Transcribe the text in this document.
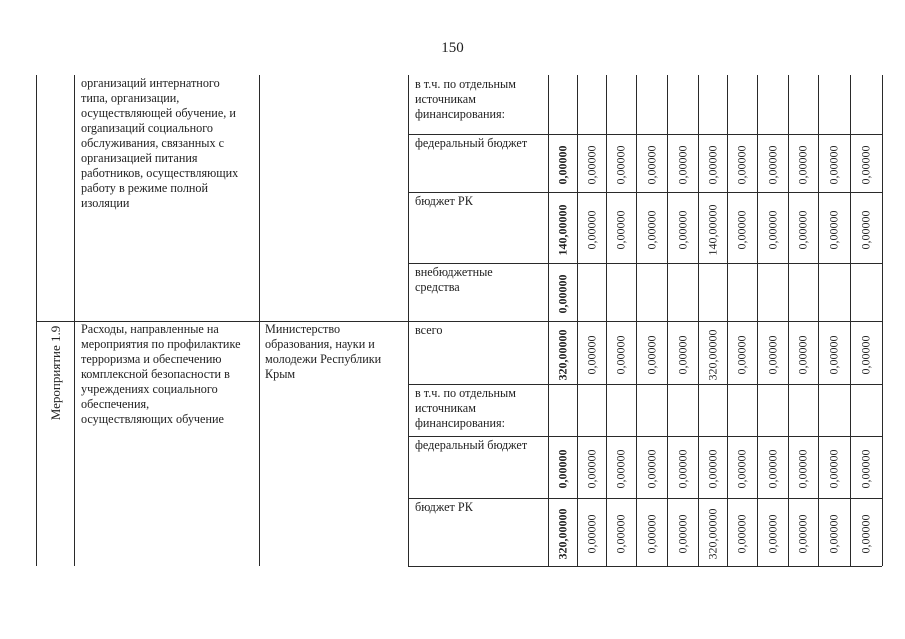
150
организаций интернатного
типа, организации,
осуществляющей обучение, и
organизаций социального
обслуживания, связанных с
организацией питания
работников, осуществляющих
работу в режиме полной
изоляции
в т.ч. по отдельным
источникам
финансирования:
федеральный бюджет
0,00000 0,00000 0,00000 0,00000 0,00000 0,00000 0,00000 0,00000 0,00000 0,00000 0,00000
бюджет РК
140,00000 0,00000 0,00000 0,00000 0,00000 140,00000 0,00000 0,00000 0,00000 0,00000 0,00000
внебюджетные
средства	0,00000
Мероприятие 1.9 Расходы, направленные на
мероприятия по профилактике
терроризма и обеспечению
комплексной безопасности в
учреждениях социального
обеспечения,
осуществляющих обучение
Министерство
образования, науки и
молодежи Республики
Крым
всего	320,00000 0,00000 0,00000 0,00000 0,00000 320,00000 0,00000 0,00000 0,00000 0,00000 0,00000
в т.ч. по отдельным
источникам
финансирования:
федеральный бюджет
0,00000 0,00000 0,00000 0,00000 0,00000 0,00000 0,00000 0,00000 0,00000 0,00000 0,00000
бюджет РК
320,00000 0,00000 0,00000 0,00000 0,00000 320,00000 0,00000 0,00000 0,00000 0,00000 0,00000
